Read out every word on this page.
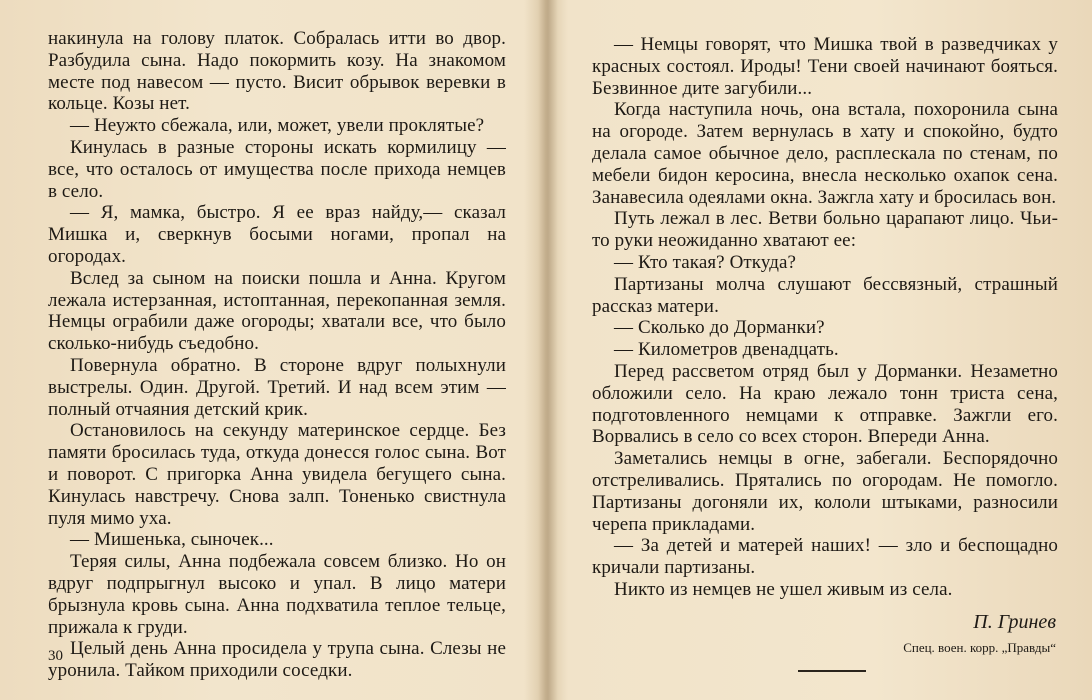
накинула на голову платок. Собралась итти во двор. Разбудила сына. Надо покормить козу. На знакомом месте под навесом — пусто. Висит обрывок веревки в кольце. Козы нет.

— Неужто сбежала, или, может, увели проклятые?

Кинулась в разные стороны искать кормилицу — все, что осталось от имущества после прихода немцев в село.

— Я, мамка, быстро. Я ее враз найду,— сказал Мишка и, сверкнув босыми ногами, пропал на огородах.

Вслед за сыном на поиски пошла и Анна. Кругом лежала истерзанная, истоптанная, перекопанная земля. Немцы ограбили даже огороды; хватали все, что было сколько-нибудь съедобно.

Повернула обратно. В стороне вдруг полыхнули выстрелы. Один. Другой. Третий. И над всем этим — полный отчаяния детский крик.

Остановилось на секунду материнское сердце. Без памяти бросилась туда, откуда донесся голос сына. Вот и поворот. С пригорка Анна увидела бегущего сына. Кинулась навстречу. Снова залп. Тоненько свистнула пуля мимо уха.

— Мишенька, сыночек...

Теряя силы, Анна подбежала совсем близко. Но он вдруг подпрыгнул высоко и упал. В лицо матери брызнула кровь сына. Анна подхватила теплое тельце, прижала к груди.

Целый день Анна просидела у трупа сына. Слезы не уронила. Тайком приходили соседки.

30

— Немцы говорят, что Мишка твой в разведчиках у красных состоял. Ироды! Тени своей начинают бояться. Безвинное дите загубили...

Когда наступила ночь, она встала, похоронила сына на огороде. Затем вернулась в хату и спокойно, будто делала самое обычное дело, расплескала по стенам, по мебели бидон керосина, внесла несколько охапок сена. Занавесила одеялами окна. Зажгла хату и бросилась вон.

Путь лежал в лес. Ветви больно царапают лицо. Чьи-то руки неожиданно хватают ее:

— Кто такая? Откуда?

Партизаны молча слушают бессвязный, страшный рассказ матери.

— Сколько до Дорманки?

— Килoметров двенадцать.

Перед рассветом отряд был у Дорманки. Незаметно обложили село. На краю лежало тонн триста сена, подготовленного немцами к отправке. Зажгли его. Ворвались в село со всех сторон. Впереди Анна.

Заметались немцы в огне, забегали. Беспорядочно отстреливались. Прятались по огородам. Не помогло. Партизаны догоняли их, кололи штыками, разносили черепа прикладами.

— За детей и матерей наших! — зло и беспощадно кричали партизаны.

Никто из немцев не ушел живым из села.

П. Гринев
Спец. воен. корр. „Правды“
